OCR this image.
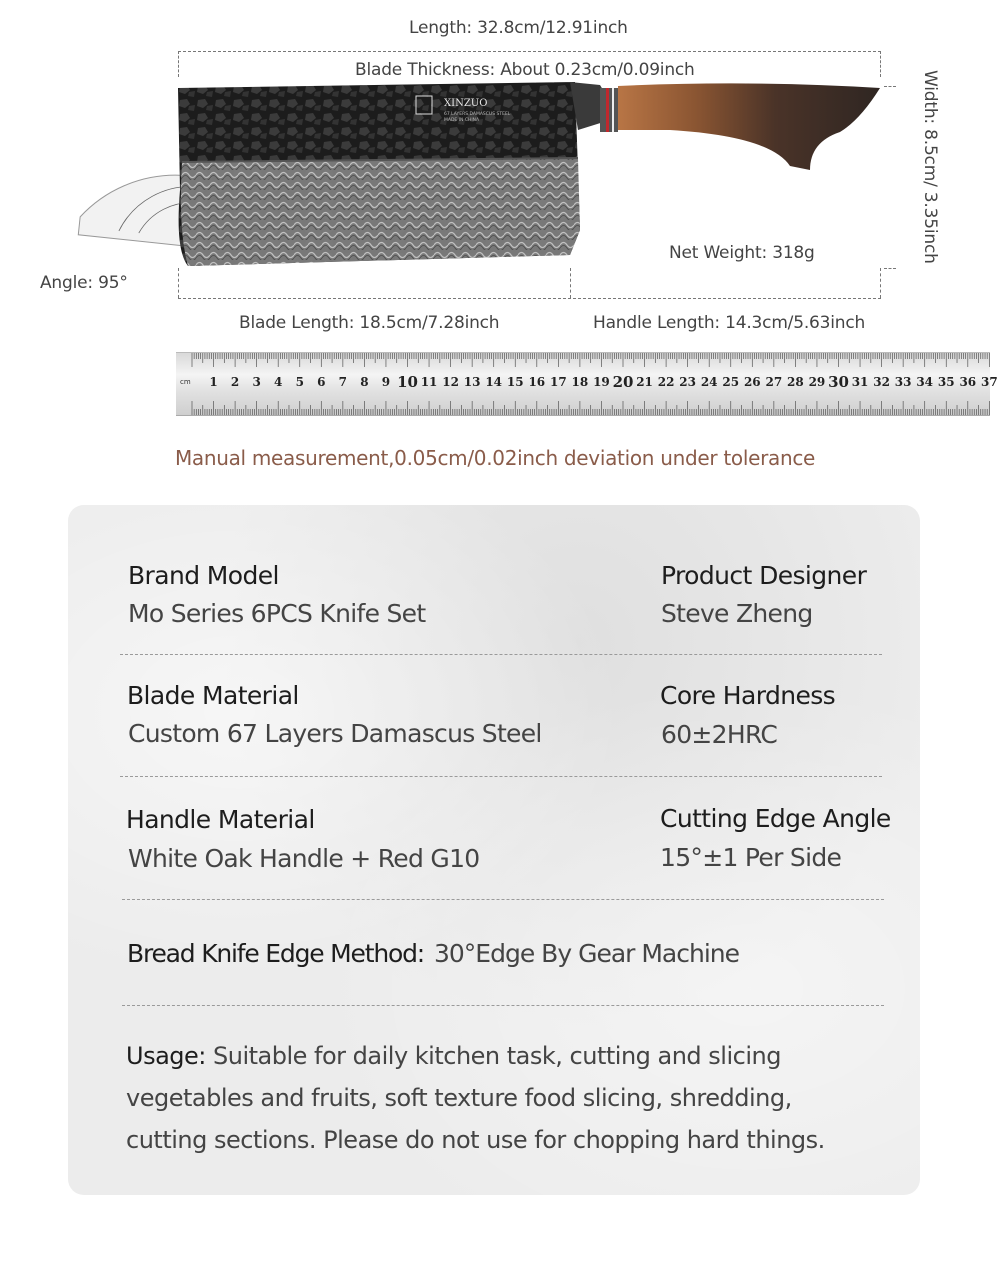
Length: 32.8cm/12.91inch
Blade Thickness: About 0.23cm/0.09inch	Width: 8.5cm/ 3.35inch
Net Weight: 318g
Angle: 95°
Blade Length: 18.5cm/7.28inch	Handle Length: 14.3cm/5.63inch
XINZUO
67 LAYERS DAMASCUS STEEL
MADE IN CHINA
cm 1 2 3 4 5 6 7 8 9 10 11 12 13 14 15 16 17 18 19 20 21 22 23 24 25 26 27 28 29 30 31 32 33 34 35 36 37
Manual measurement,0.05cm/0.02inch deviation under tolerance
Brand Model
Mo Series 6PCS Knife Set
Product Designer
Steve Zheng
Blade Material
Custom 67 Layers Damascus Steel
Core Hardness
60±2HRC
Handle Material
White Oak Handle + Red G10
Cutting Edge Angle
15°±1 Per Side
Bread Knife Edge Method: 30°Edge By Gear Machine
Usage: Suitable for daily kitchen task, cutting and slicing vegetables and fruits, soft texture food slicing, shredding, cutting sections. Please do not use for chopping hard things.
